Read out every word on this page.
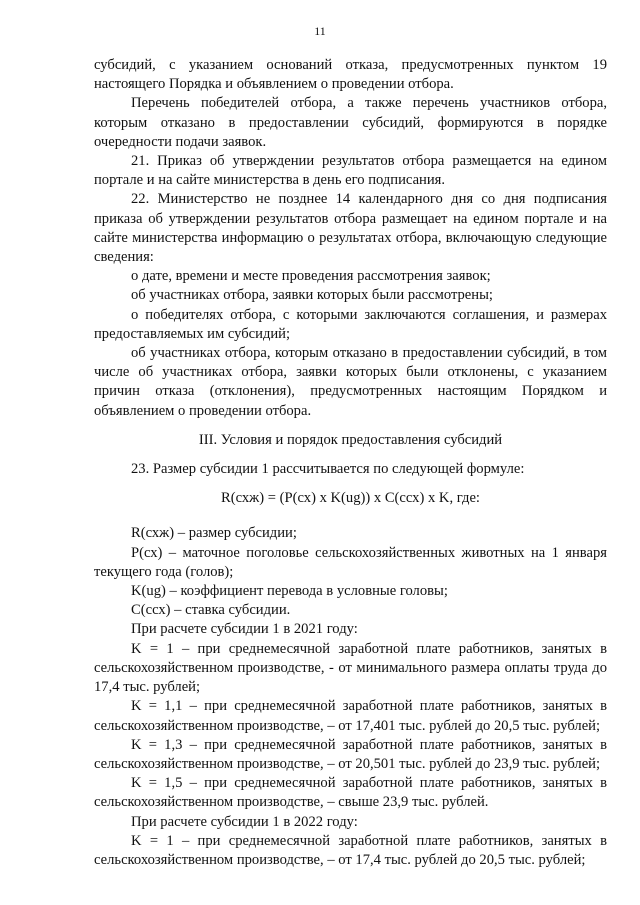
11

субсидий, с указанием оснований отказа, предусмотренных пунктом 19 настоящего Порядка и объявлением о проведении отбора.

Перечень победителей отбора, а также перечень участников отбора, которым отказано в предоставлении субсидий, формируются в порядке очередности подачи заявок.

21. Приказ об утверждении результатов отбора размещается на едином портале и на сайте министерства в день его подписания.

22. Министерство не позднее 14 календарного дня со дня подписания приказа об утверждении результатов отбора размещает на едином портале и на сайте министерства информацию о результатах отбора, включающую следующие сведения:

о дате, времени и месте проведения рассмотрения заявок;

об участниках отбора, заявки которых были рассмотрены;

о победителях отбора, с которыми заключаются соглашения, и размерах предоставляемых им субсидий;

об участниках отбора, которым отказано в предоставлении субсидий, в том числе об участниках отбора, заявки которых были отклонены, с указанием причин отказа (отклонения), предусмотренных настоящим Порядком и объявлением о проведении отбора.

III. Условия и порядок предоставления субсидий

23. Размер субсидии 1 рассчитывается по следующей формуле:

R(схж) = (P(сх) х K(ug)) х C(ссх) х K, где:

R(схж) – размер субсидии;

P(сх) – маточное поголовье сельскохозяйственных животных на 1 января текущего года (голов);

K(ug) – коэффициент перевода в условные головы;

C(ссх) – ставка субсидии.

При расчете субсидии 1 в 2021 году:

K = 1 – при среднемесячной заработной плате работников, занятых в сельскохозяйственном производстве, - от минимального размера оплаты труда до 17,4 тыс. рублей;

K = 1,1 – при среднемесячной заработной плате работников, занятых в сельскохозяйственном производстве, – от 17,401 тыс. рублей до 20,5 тыс. рублей;

K = 1,3 – при среднемесячной заработной плате работников, занятых в сельскохозяйственном производстве, – от 20,501 тыс. рублей до 23,9 тыс. рублей;

K = 1,5 – при среднемесячной заработной плате работников, занятых в сельскохозяйственном производстве, – свыше 23,9 тыс. рублей.

При расчете субсидии 1 в 2022 году:

K = 1 – при среднемесячной заработной плате работников, занятых в сельскохозяйственном производстве, – от 17,4 тыс. рублей до 20,5 тыс. рублей;
